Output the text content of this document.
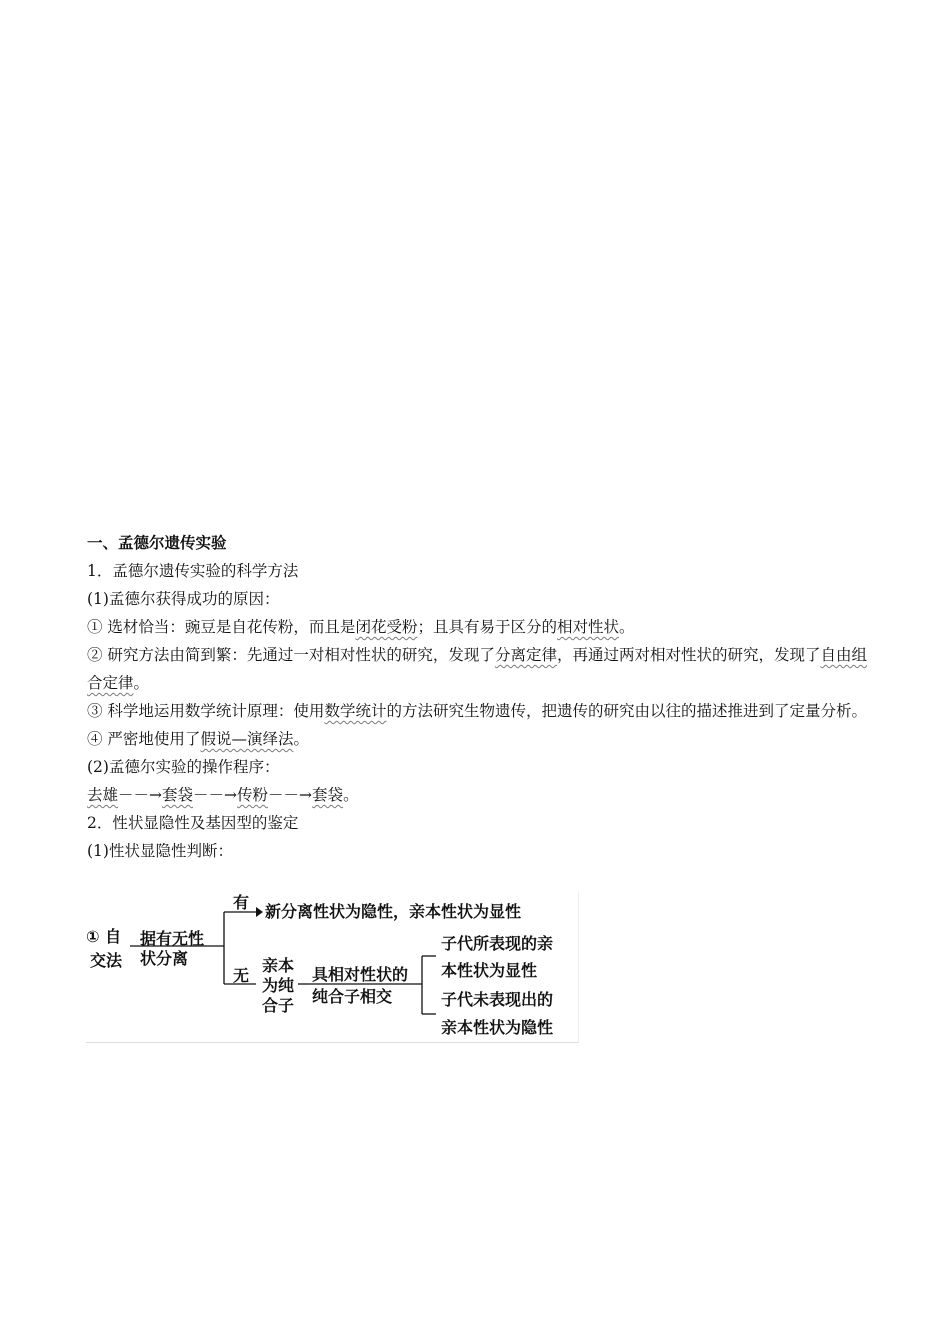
一、孟德尔遗传实验
1．孟德尔遗传实验的科学方法
(1)孟德尔获得成功的原因：
① 选材恰当：豌豆是自花传粉，而且是闭花受粉；且具有易于区分的相对性状。
② 研究方法由简到繁：先通过一对相对性状的研究，发现了分离定律，再通过两对相对性状的研究，发现了自由组合定律。
③ 科学地运用数学统计原理：使用数学统计的方法研究生物遗传，把遗传的研究由以往的描述推进到了定量分析。
④ 严密地使用了假说—演绎法。
(2)孟德尔实验的操作程序：
去雄－－→套袋－－→传粉－－→套袋。
2．性状显隐性及基因型的鉴定
(1)性状显隐性判断：
① 自
交法
据有无性
状分离
有 新分离性状为隐性，亲本性状为显性
无
亲本
为纯
合子
具相对性状的
纯合子相交
子代所表现的亲
本性状为显性
子代未表现出的
亲本性状为隐性
